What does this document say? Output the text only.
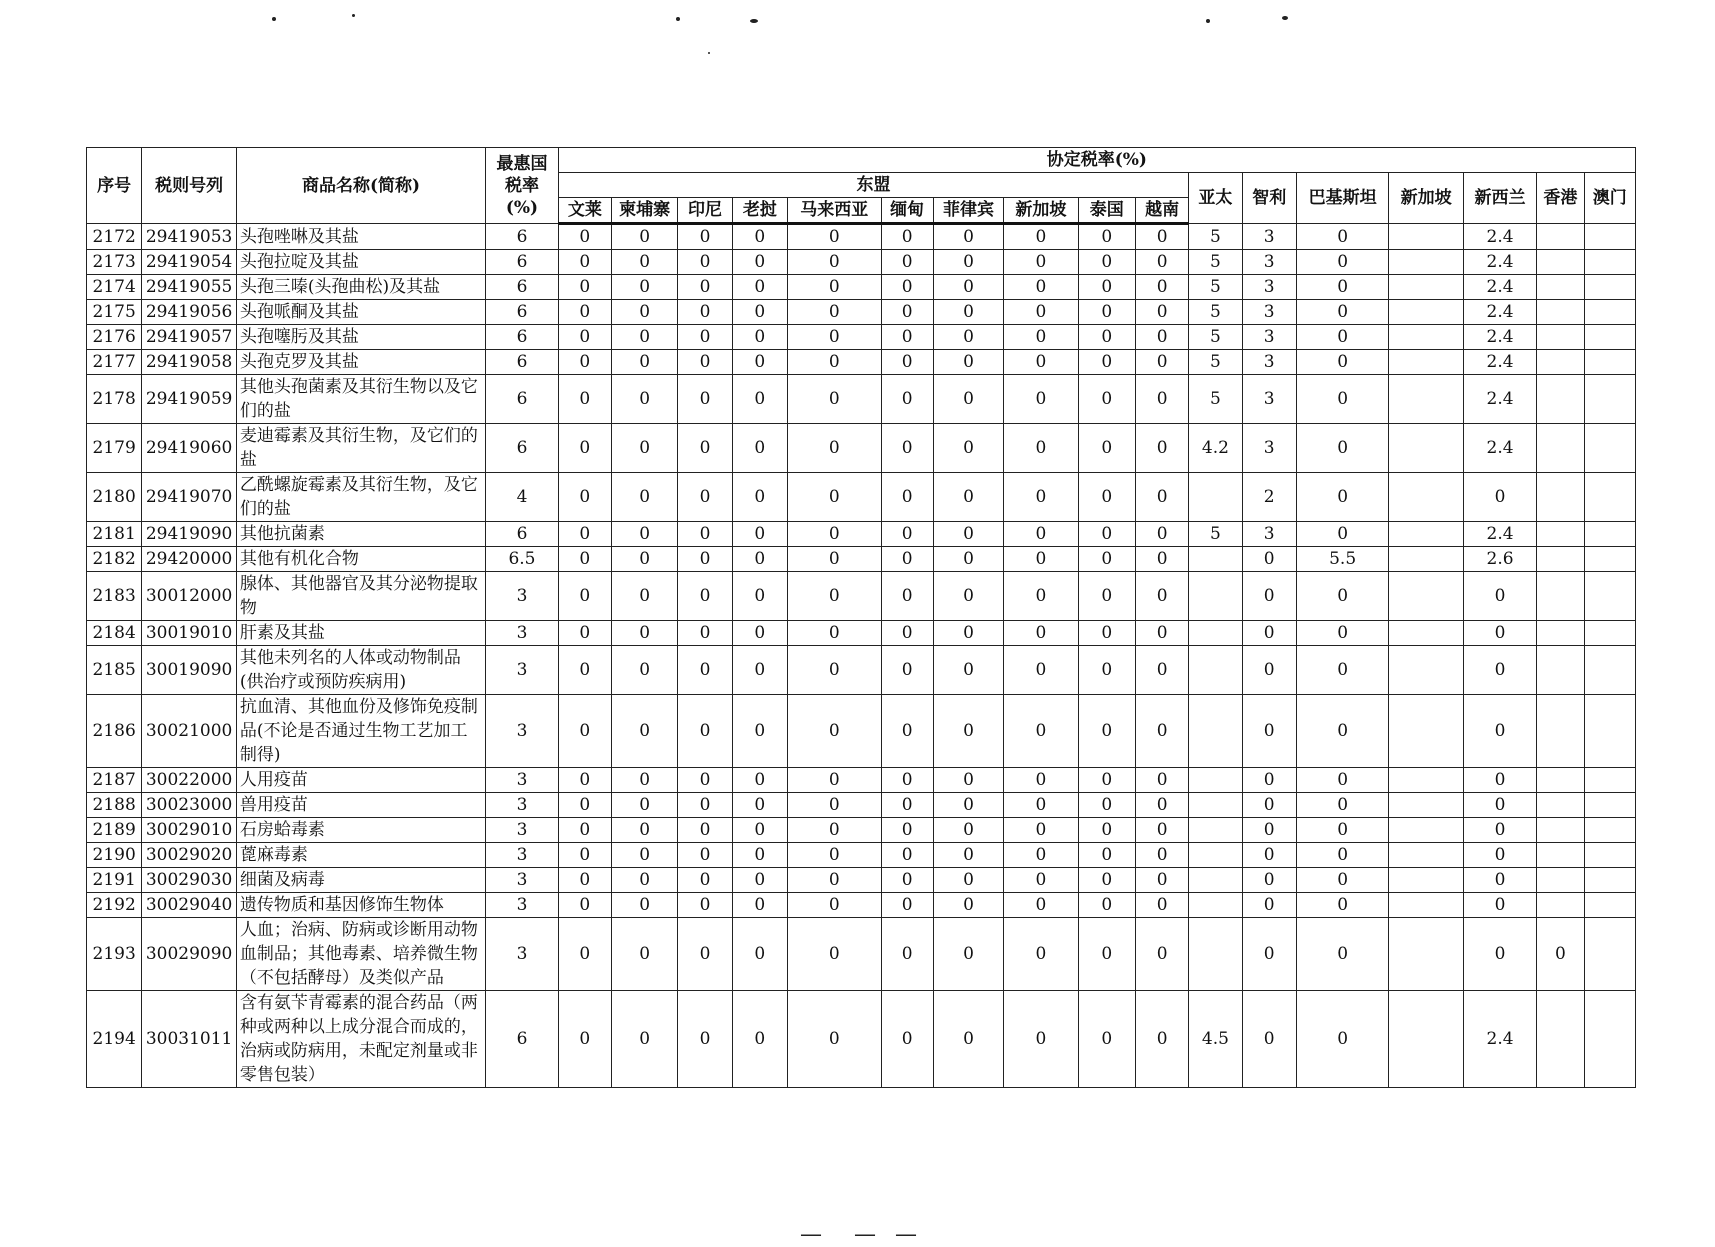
序号	税则号列	商品名称(简称)	最惠国税率(%)	协定税率(%)																
				东盟										亚太	智利	巴基斯坦	新加坡	新西兰	香港	澳门
				文莱	柬埔寨	印尼	老挝	马来西亚	缅甸	菲律宾	新加坡	泰国	越南							
2172	29419053	头孢唑啉及其盐	6	0	0	0	0	0	0	0	0	0	0	5	3	0		2.4		
2173	29419054	头孢拉啶及其盐	6	0	0	0	0	0	0	0	0	0	0	5	3	0		2.4		
2174	29419055	头孢三嗪(头孢曲松)及其盐	6	0	0	0	0	0	0	0	0	0	0	5	3	0		2.4		
2175	29419056	头孢哌酮及其盐	6	0	0	0	0	0	0	0	0	0	0	5	3	0		2.4		
2176	29419057	头孢噻肟及其盐	6	0	0	0	0	0	0	0	0	0	0	5	3	0		2.4		
2177	29419058	头孢克罗及其盐	6	0	0	0	0	0	0	0	0	0	0	5	3	0		2.4		
2178	29419059	其他头孢菌素及其衍生物以及它们的盐	6	0	0	0	0	0	0	0	0	0	0	5	3	0		2.4		
2179	29419060	麦迪霉素及其衍生物，及它们的盐	6	0	0	0	0	0	0	0	0	0	0	4.2	3	0		2.4		
2180	29419070	乙酰螺旋霉素及其衍生物，及它们的盐	4	0	0	0	0	0	0	0	0	0	0		2	0		0		
2181	29419090	其他抗菌素	6	0	0	0	0	0	0	0	0	0	0	5	3	0		2.4		
2182	29420000	其他有机化合物	6.5	0	0	0	0	0	0	0	0	0	0		0	5.5		2.6		
2183	30012000	腺体、其他器官及其分泌物提取物	3	0	0	0	0	0	0	0	0	0	0		0	0		0		
2184	30019010	肝素及其盐	3	0	0	0	0	0	0	0	0	0	0		0	0		0		
2185	30019090	其他未列名的人体或动物制品(供治疗或预防疾病用)	3	0	0	0	0	0	0	0	0	0	0		0	0		0		
2186	30021000	抗血清、其他血份及修饰免疫制品(不论是否通过生物工艺加工制得)	3	0	0	0	0	0	0	0	0	0	0		0	0		0		
2187	30022000	人用疫苗	3	0	0	0	0	0	0	0	0	0	0		0	0		0		
2188	30023000	兽用疫苗	3	0	0	0	0	0	0	0	0	0	0		0	0		0		
2189	30029010	石房蛤毒素	3	0	0	0	0	0	0	0	0	0	0		0	0		0		
2190	30029020	蓖麻毒素	3	0	0	0	0	0	0	0	0	0	0		0	0		0		
2191	30029030	细菌及病毒	3	0	0	0	0	0	0	0	0	0	0		0	0		0		
2192	30029040	遗传物质和基因修饰生物体	3	0	0	0	0	0	0	0	0	0	0		0	0		0		
2193	30029090	人血；治病、防病或诊断用动物血制品；其他毒素、培养微生物（不包括酵母）及类似产品	3	0	0	0	0	0	0	0	0	0	0		0	0		0	0	
2194	30031011	含有氨苄青霉素的混合药品（两种或两种以上成分混合而成的，治病或防病用，未配定剂量或非零售包装）	6	0	0	0	0	0	0	0	0	0	0	4.5	0	0		2.4		
—  — —
